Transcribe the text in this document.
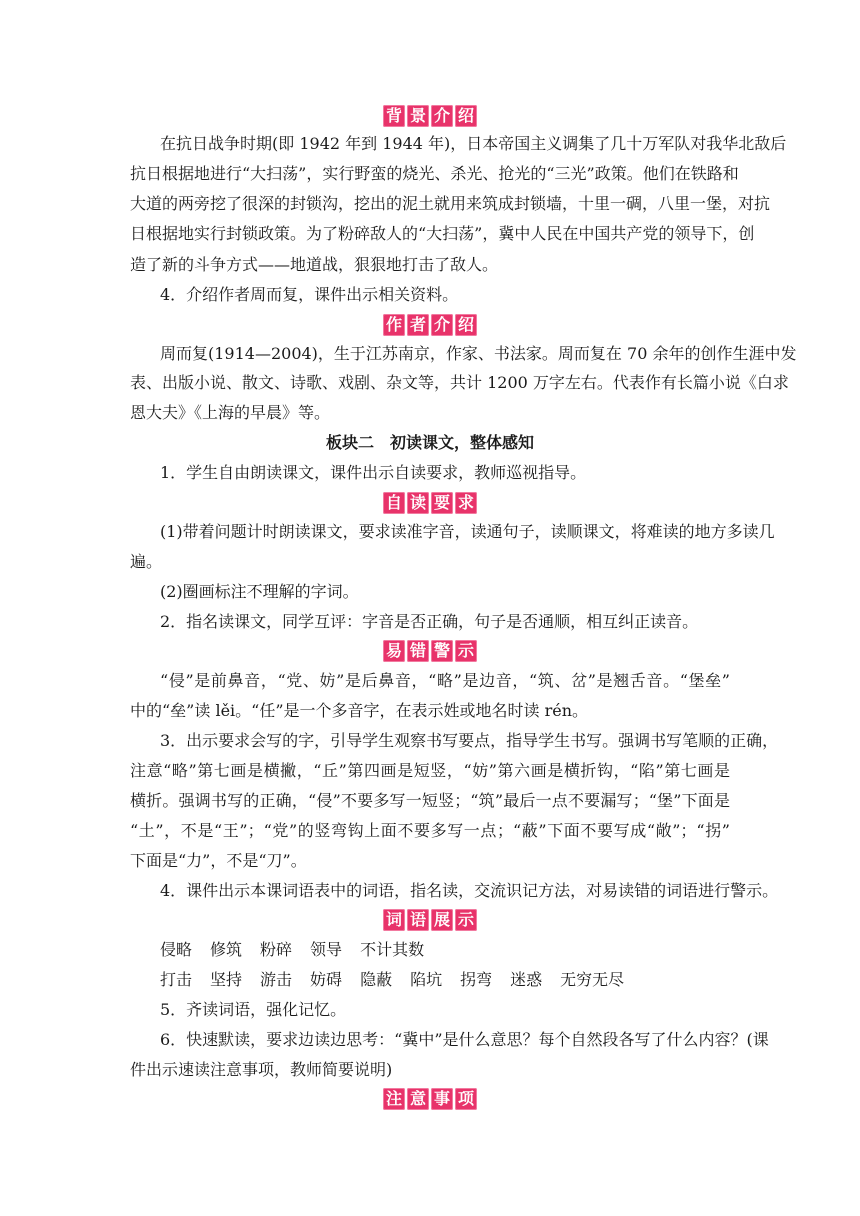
背 景 介 绍
在抗日战争时期(即 1942 年到 1944 年)，日本帝国主义调集了几十万军队对我华北敌后
抗日根据地进行“大扫荡”，实行野蛮的烧光、杀光、抢光的“三光”政策。他们在铁路和
大道的两旁挖了很深的封锁沟，挖出的泥土就用来筑成封锁墙，十里一碉，八里一堡，对抗
日根据地实行封锁政策。为了粉碎敌人的“大扫荡”，冀中人民在中国共产党的领导下，创
造了新的斗争方式——地道战，狠狠地打击了敌人。
4．介绍作者周而复，课件出示相关资料。
作 者 介 绍
周而复(1914—2004)，生于江苏南京，作家、书法家。周而复在 70 余年的创作生涯中发
表、出版小说、散文、诗歌、戏剧、杂文等，共计 1200 万字左右。代表作有长篇小说《白求
恩大夫》《上海的早晨》等。
板块二　初读课文，整体感知
1．学生自由朗读课文，课件出示自读要求，教师巡视指导。
自 读 要 求
(1)带着问题计时朗读课文，要求读准字音，读通句子，读顺课文，将难读的地方多读几
遍。
(2)圈画标注不理解的字词。
2．指名读课文，同学互评：字音是否正确，句子是否通顺，相互纠正读音。
易 错 警 示
“侵”是前鼻音，“党、妨”是后鼻音，“略”是边音，“筑、岔”是翘舌音。“堡垒”
中的“垒”读 lěi。“任”是一个多音字，在表示姓或地名时读 rén。
3．出示要求会写的字，引导学生观察书写要点，指导学生书写。强调书写笔顺的正确，
注意“略”第七画是横撇，“丘”第四画是短竖，“妨”第六画是横折钩，“陷”第七画是
横折。强调书写的正确，“侵”不要多写一短竖；“筑”最后一点不要漏写；“堡”下面是
“土”，不是“王”；“党”的竖弯钩上面不要多写一点；“蔽”下面不要写成“敞”；“拐”
下面是“力”，不是“刀”。
4．课件出示本课词语表中的词语，指名读，交流识记方法，对易读错的词语进行警示。
词 语 展 示
侵略 修筑 粉碎 领导 不计其数
打击 坚持 游击 妨碍 隐蔽 陷坑 拐弯 迷惑 无穷无尽
5．齐读词语，强化记忆。
6．快速默读，要求边读边思考：“冀中”是什么意思？每个自然段各写了什么内容？(课
件出示速读注意事项，教师简要说明)
注 意 事 项
